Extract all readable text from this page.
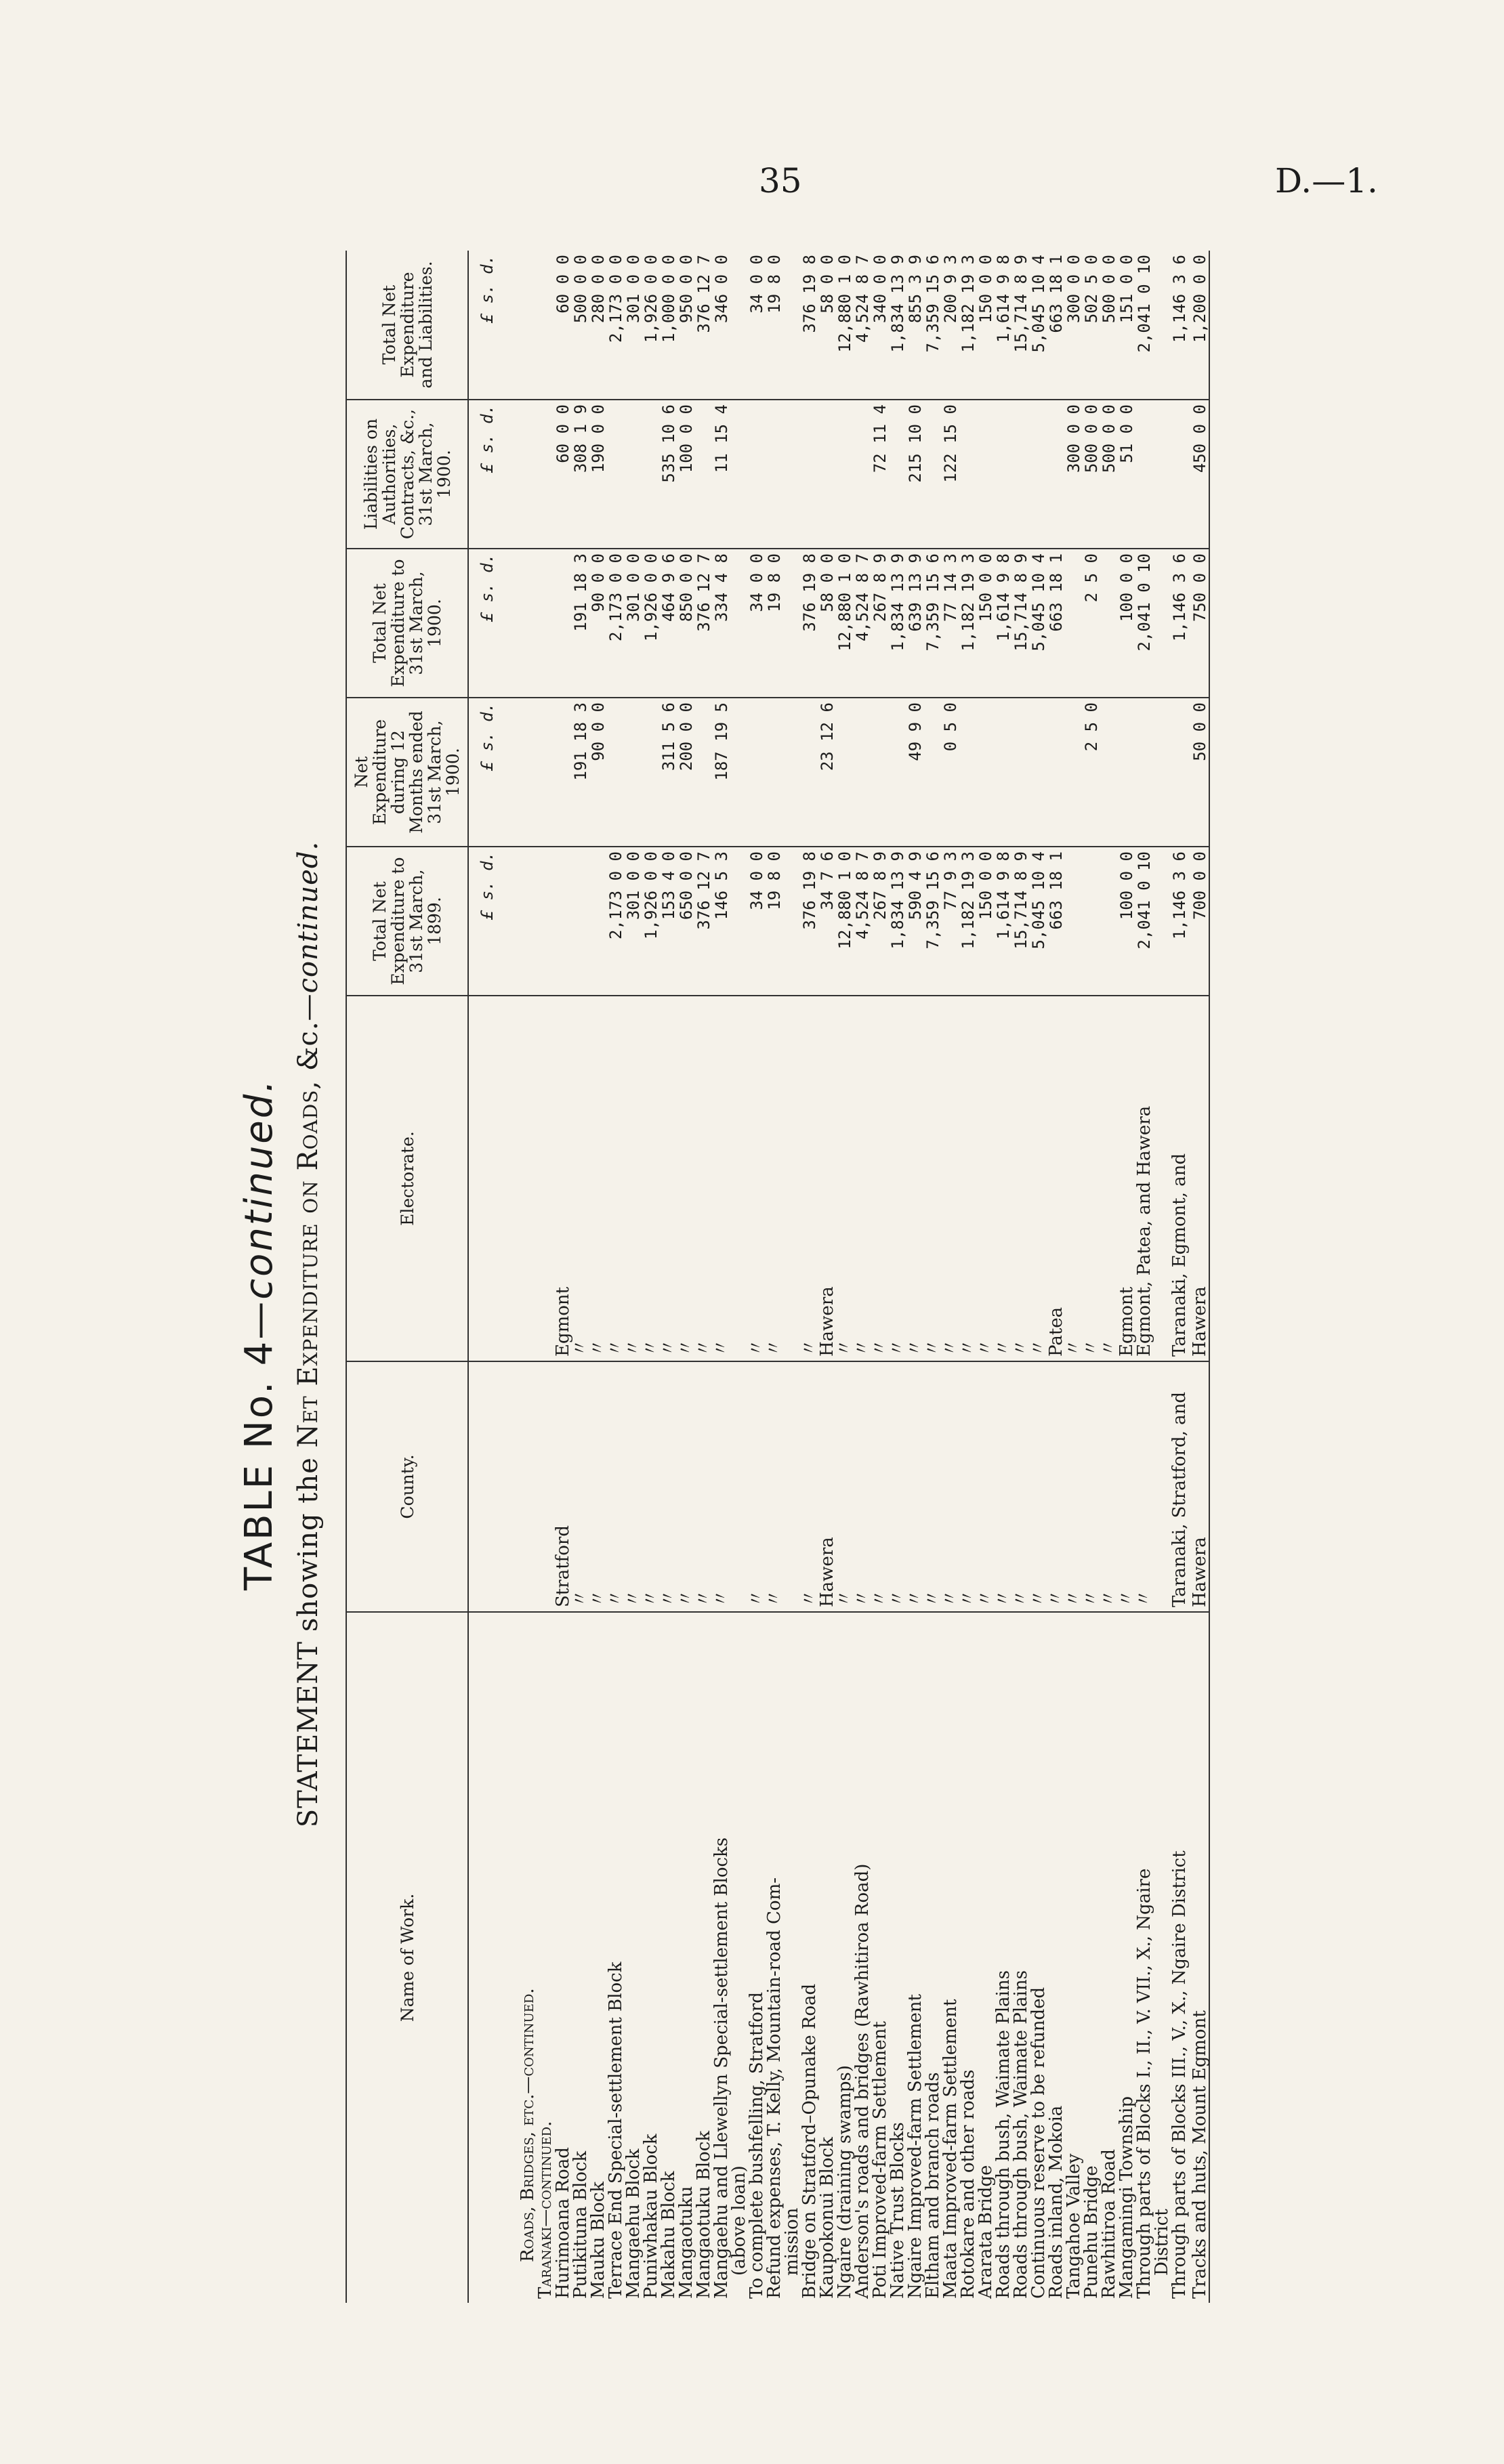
35	D.—1.
TABLE No. 4—continued.
STATEMENT showing the Net Expenditure on Roads, &c.—continued.
Name of Work.	County.	Electorate.	Total Net Expenditure to 31st March, 1899.	Net Expenditure during 12 Months ended 31st March, 1900.	Total Net Expenditure to 31st March, 1900.	Liabilities on Authorities, Contracts, &c., 31st March, 1900.	Total Net Expenditure and Liabilities.
			£ s. d.	£ s. d.	£ s. d.	£ s. d.	£ s. d.
Roads, Bridges, etc.—continued.							
Taranaki—continued.							
Hurimoana Road	Stratford	Egmont				60 0 0	60 0 0
Putikituna Block	〃	〃		191 18 3	191 18 3	308 1 9	500 0 0
Mauku Block	〃	〃		90 0 0	90 0 0	190 0 0	280 0 0
Terrace End Special-settlement Block	〃	〃	2,173 0 0		2,173 0 0		2,173 0 0
Mangaehu Block	〃	〃	301 0 0		301 0 0		301 0 0
Puniwhakau Block	〃	〃	1,926 0 0		1,926 0 0		1,926 0 0
Makahu Block	〃	〃	153 4 0	311 5 6	464 9 6	535 10 6	1,000 0 0
Mangaotuku	〃	〃	650 0 0	200 0 0	850 0 0	100 0 0	950 0 0
Mangaotuku Block	〃	〃	376 12 7		376 12 7		376 12 7
Mangaehu and Llewellyn Special-settlement Blocks	〃	〃	146 5 3	187 19 5	334 4 8	11 15 4	346 0 0
(above loan)							
To complete bushfelling, Stratford	〃	〃	34 0 0		34 0 0		34 0 0
Refund expenses, T. Kelly, Mountain-road Com-	〃	〃	19 8 0		19 8 0		19 8 0
mission							
Bridge on Stratford–Opunake Road	〃	〃	376 19 8		376 19 8		376 19 8
Kaupokonui Block	Hawera	Hawera	34 7 6	23 12 6	58 0 0		58 0 0
Ngaire (draining swamps)	〃	〃	12,880 1 0		12,880 1 0		12,880 1 0
Anderson's roads and bridges (Rawhitiroa Road)	〃	〃	4,524 8 7		4,524 8 7		4,524 8 7
Poti Improved-farm Settlement	〃	〃	267 8 9		267 8 9	72 11 4	340 0 0
Native Trust Blocks	〃	〃	1,834 13 9		1,834 13 9		1,834 13 9
Ngaire Improved-farm Settlement	〃	〃	590 4 9	49 9 0	639 13 9	215 10 0	855 3 9
Eltham and branch roads	〃	〃	7,359 15 6		7,359 15 6		7,359 15 6
Maata Improved-farm Settlement	〃	〃	77 9 3	0 5 0	77 14 3	122 15 0	200 9 3
Rotokare and other roads	〃	〃	1,182 19 3		1,182 19 3		1,182 19 3
Ararata Bridge	〃	〃	150 0 0		150 0 0		150 0 0
Roads through bush, Waimate Plains	〃	〃	1,614 9 8		1,614 9 8		1,614 9 8
Roads through bush, Waimate Plains	〃	〃	15,714 8 9		15,714 8 9		15,714 8 9
Continuous reserve to be refunded	〃	〃	5,045 10 4		5,045 10 4		5,045 10 4
Roads inland, Mokoia	〃	Patea	663 18 1		663 18 1		663 18 1
Tangahoe Valley	〃	〃				300 0 0	300 0 0
Punehu Bridge	〃	〃		2 5 0	2 5 0	500 0 0	502 5 0
Rawhitiroa Road	〃	〃				500 0 0	500 0 0
Mangamingi Township	〃	Egmont	100 0 0		100 0 0	51 0 0	151 0 0
Through parts of Blocks I., II., V. VII., X., Ngaire	〃	Egmont, Patea, and Hawera	2,041 0 10		2,041 0 10		2,041 0 10
District							
Through parts of Blocks III., V., X., Ngaire District	Taranaki, Stratford, and	Taranaki, Egmont, and	1,146 3 6		1,146 3 6		1,146 3 6
Tracks and huts, Mount Egmont	Hawera	Hawera	700 0 0	50 0 0	750 0 0	450 0 0	1,200 0 0
